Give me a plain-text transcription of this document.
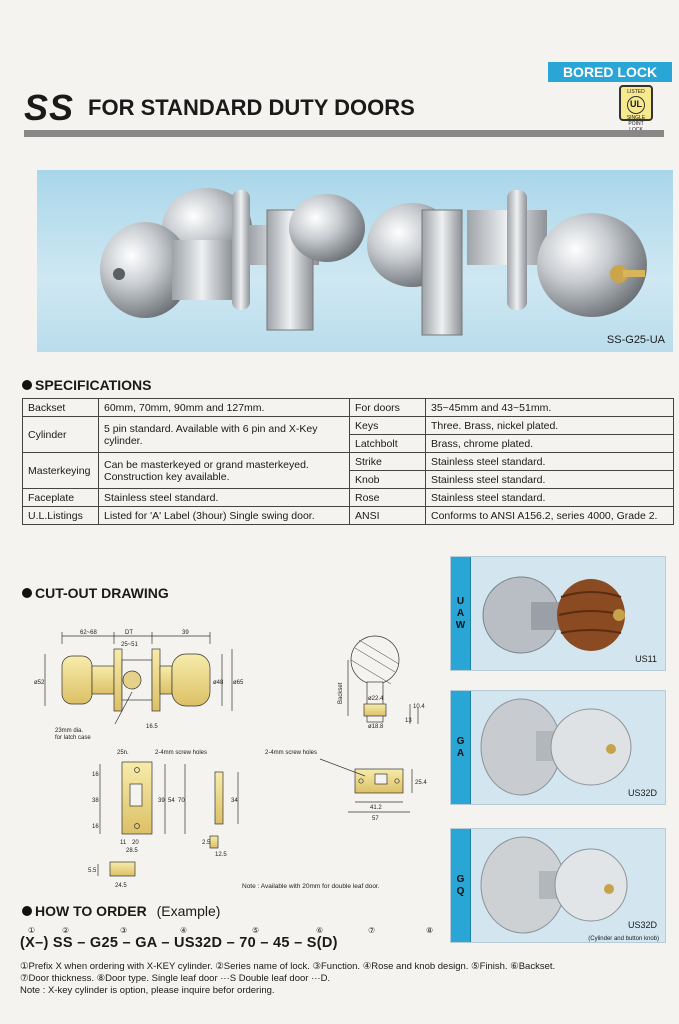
BORED LOCK
LISTED
UL
SINGLE POINT
SS FOR STANDARD DUTY DOORS
SS-G25-UA
SPECIFICATIONS
Backset	60mm, 70mm, 90mm and 127mm.	For doors	35~45mm and 43~51mm.
Cylinder	5 pin standard. Available with 6 pin and X-Key cylinder.	Keys	Three. Brass, nickel plated.
		Latchbolt	Brass, chrome plated.
Masterkeying	Can be masterkeyed or grand masterkeyed. Construction key available.	Strike	Stainless steel standard.
		Knob	Stainless steel standard.
Faceplate	Stainless steel standard.	Rose	Stainless steel standard.
U.L.Listings	Listed for 'A' Label (3hour) Single swing door.	ANSI	Conforms to ANSI A156.2, series 4000, Grade 2.
CUT-OUT DRAWING
62~68	DT
25~51
39
ø52	ø48 ø65
16.5
23mm dia.
for latch case
25n.	2-4mm screw holes
16
38
16
39 54 70	34
11 20
28.5
2.5
12.5
5.5
24.5
Backset	ø22.4
ø18.8
13
10.4
2-4mm screw holes
41.2
57
25.4
Note : Available with 20mm for double leaf door.
U
A
W
US11
G
A
US32D
G
Q
US32D
(Cylinder and button knob)
HOW TO ORDER (Example)
①	②	③	④	⑤	⑥	⑦	⑧
(X–) SS – G25 – GA – US32D – 70 – 45 – S(D)
①Prefix X when ordering with X-KEY cylinder. ②Series name of lock. ③Function. ④Rose and knob design. ⑤Finish. ⑥Backset.
⑦Door thickness. ⑧Door type. Single leaf door ···S Double leaf door ···D.
Note : X-key cylinder is option, please inquire befor ordering.
